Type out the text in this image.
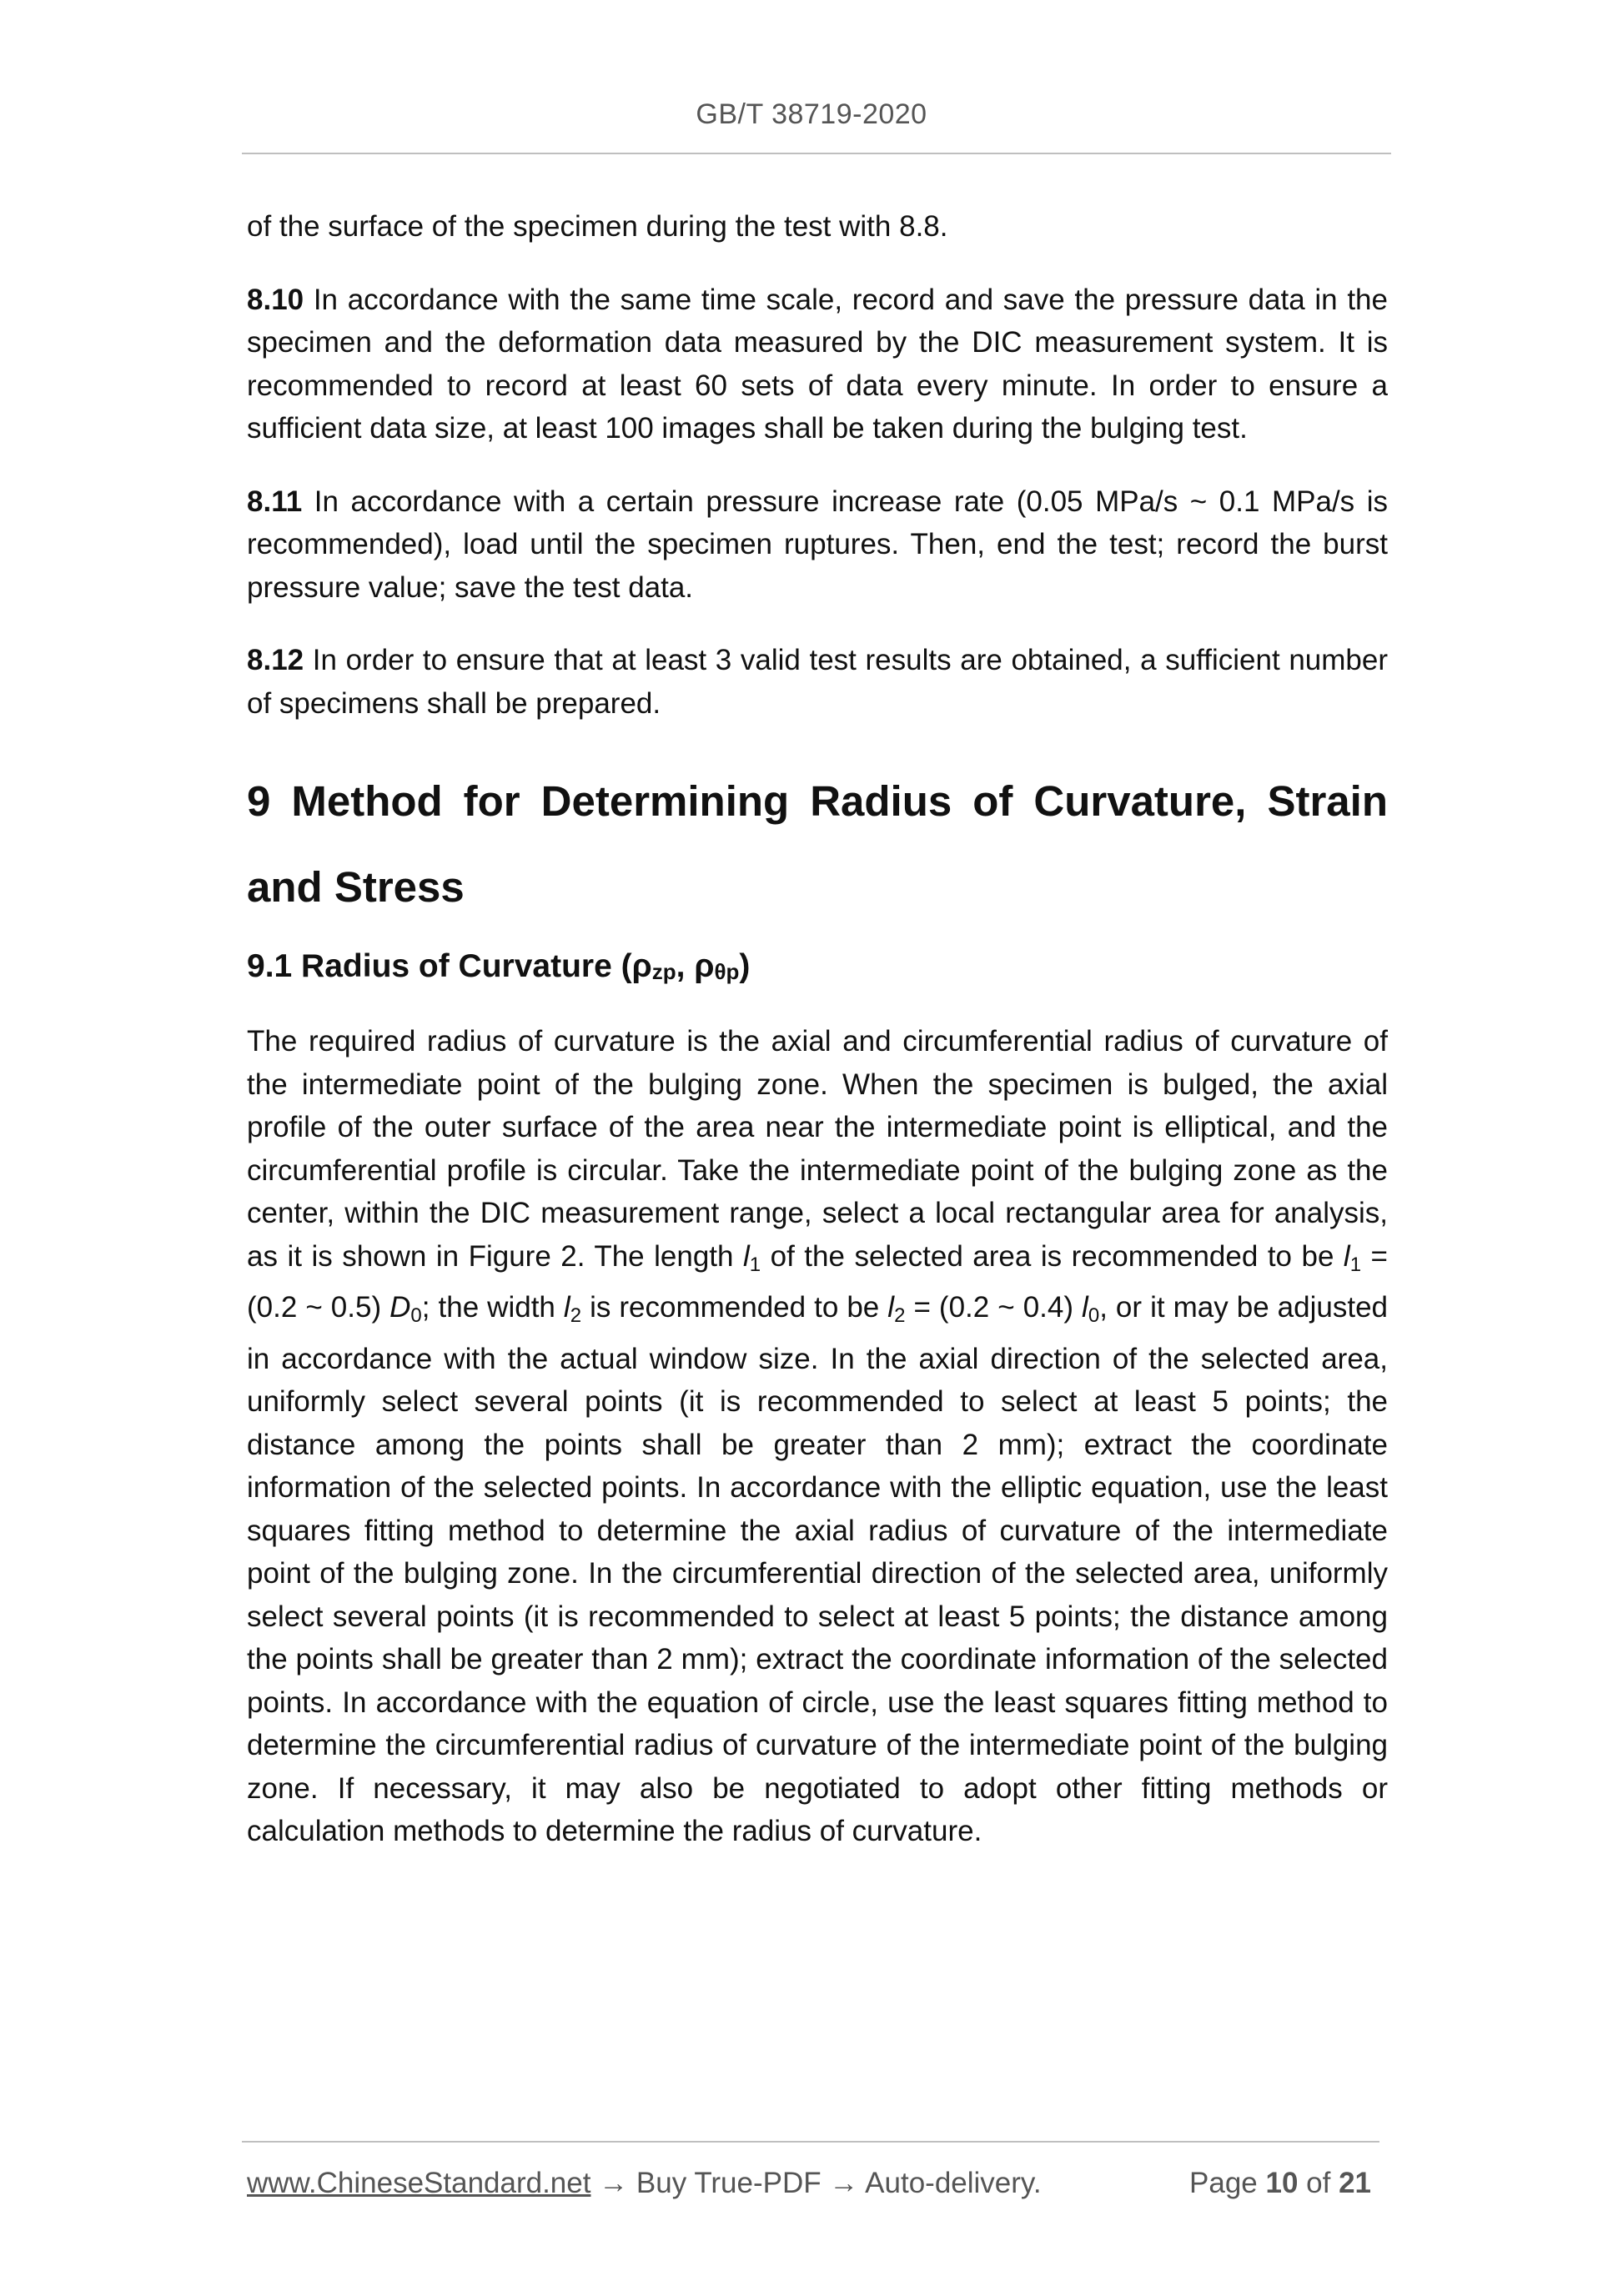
GB/T 38719-2020

of the surface of the specimen during the test with 8.8.

8.10 In accordance with the same time scale, record and save the pressure data in the specimen and the deformation data measured by the DIC measurement system. It is recommended to record at least 60 sets of data every minute. In order to ensure a sufficient data size, at least 100 images shall be taken during the bulging test.

8.11 In accordance with a certain pressure increase rate (0.05 MPa/s ~ 0.1 MPa/s is recommended), load until the specimen ruptures. Then, end the test; record the burst pressure value; save the test data.

8.12 In order to ensure that at least 3 valid test results are obtained, a sufficient number of specimens shall be prepared.

9 Method for Determining Radius of Curvature, Strain and Stress
9.1 Radius of Curvature (ρzp, ρθp)

The required radius of curvature is the axial and circumferential radius of curvature of the intermediate point of the bulging zone. When the specimen is bulged, the axial profile of the outer surface of the area near the intermediate point is elliptical, and the circumferential profile is circular. Take the intermediate point of the bulging zone as the center, within the DIC measurement range, select a local rectangular area for analysis, as it is shown in Figure 2. The length $l_1$ of the selected area is recommended to be $l_1 = (0.2$ ~ 0.5) $D_0$; the width $l_2$ is recommended to be $l_2 = (0.2$ ~ 0.4) $l_0$, or it may be adjusted in accordance with the actual window size. In the axial direction of the selected area, uniformly select several points (it is recommended to select at least 5 points; the distance among the points shall be greater than 2 mm); extract the coordinate information of the selected points. In accordance with the elliptic equation, use the least squares fitting method to determine the axial radius of curvature of the intermediate point of the bulging zone. In the circumferential direction of the selected area, uniformly select several points (it is recommended to select at least 5 points; the distance among the points shall be greater than 2 mm); extract the coordinate information of the selected points. In accordance with the equation of circle, use the least squares fitting method to determine the circumferential radius of curvature of the intermediate point of the bulging zone. If necessary, it may also be negotiated to adopt other fitting methods or calculation methods to determine the radius of curvature.

www.ChineseStandard.net → Buy True-PDF → Auto-delivery.	Page 10 of 21
